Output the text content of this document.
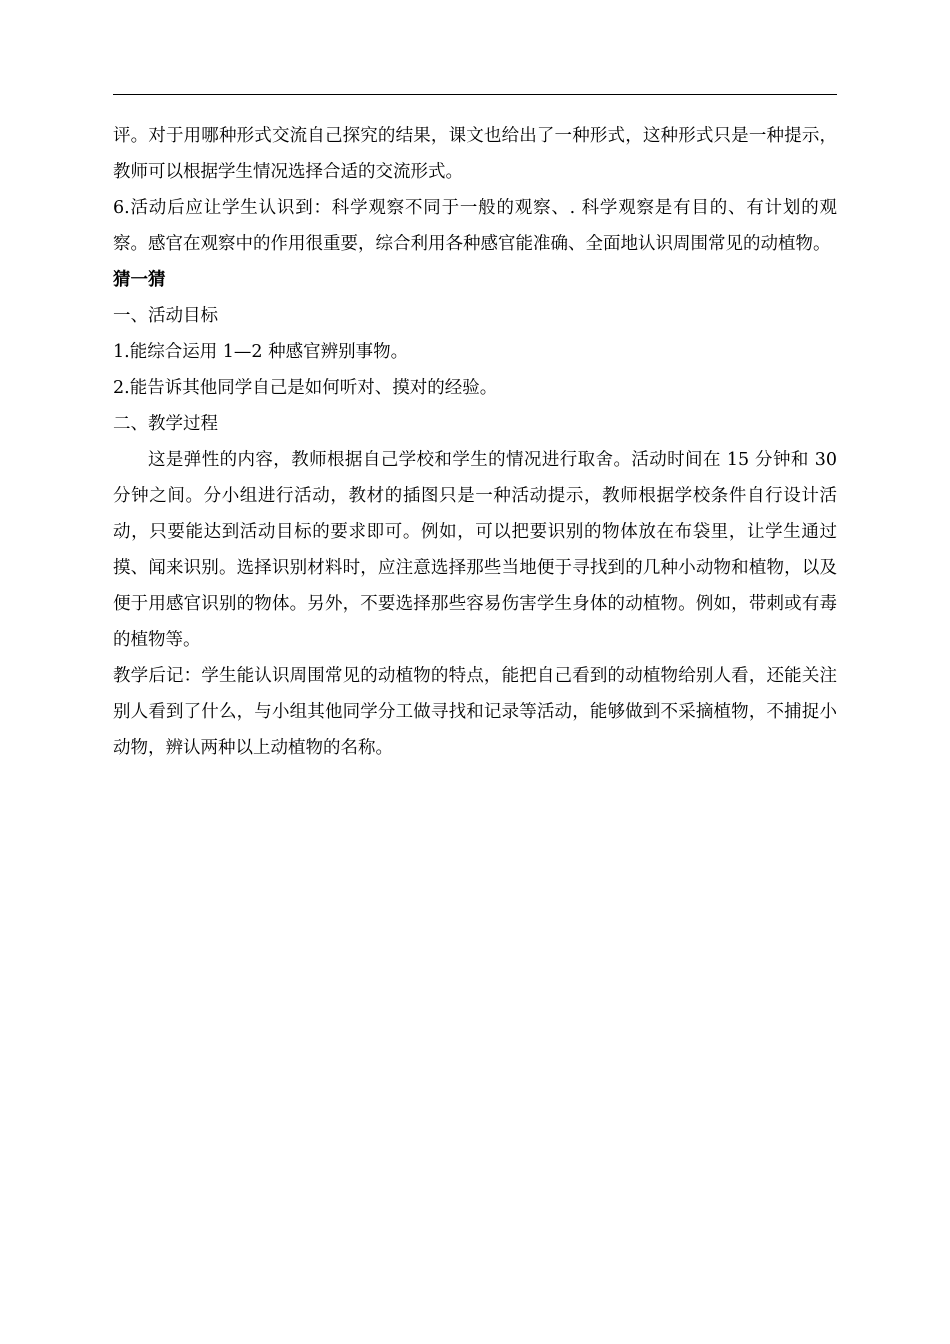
评。对于用哪种形式交流自己探究的结果，课文也给出了一种形式，这种形式只是一种提示，教师可以根据学生情况选择合适的交流形式。

6.活动后应让学生认识到：科学观察不同于一般的观察、. 科学观察是有目的、有计划的观察。感官在观察中的作用很重要，综合利用各种感官能准确、全面地认识周围常见的动植物。

猜一猜

一、活动目标

1.能综合运用 1—2 种感官辨别事物。

2.能告诉其他同学自己是如何听对、摸对的经验。

二、教学过程

这是弹性的内容，教师根据自己学校和学生的情况进行取舍。活动时间在 15 分钟和 30 分钟之间。分小组进行活动，教材的插图只是一种活动提示，教师根据学校条件自行设计活动，只要能达到活动目标的要求即可。例如，可以把要识别的物体放在布袋里，让学生通过摸、闻来识别。选择识别材料时，应注意选择那些当地便于寻找到的几种小动物和植物，以及便于用感官识别的物体。另外，不要选择那些容易伤害学生身体的动植物。例如，带刺或有毒的植物等。

教学后记：学生能认识周围常见的动植物的特点，能把自己看到的动植物给别人看，还能关注别人看到了什么，与小组其他同学分工做寻找和记录等活动，能够做到不采摘植物，不捕捉小动物，辨认两种以上动植物的名称。
